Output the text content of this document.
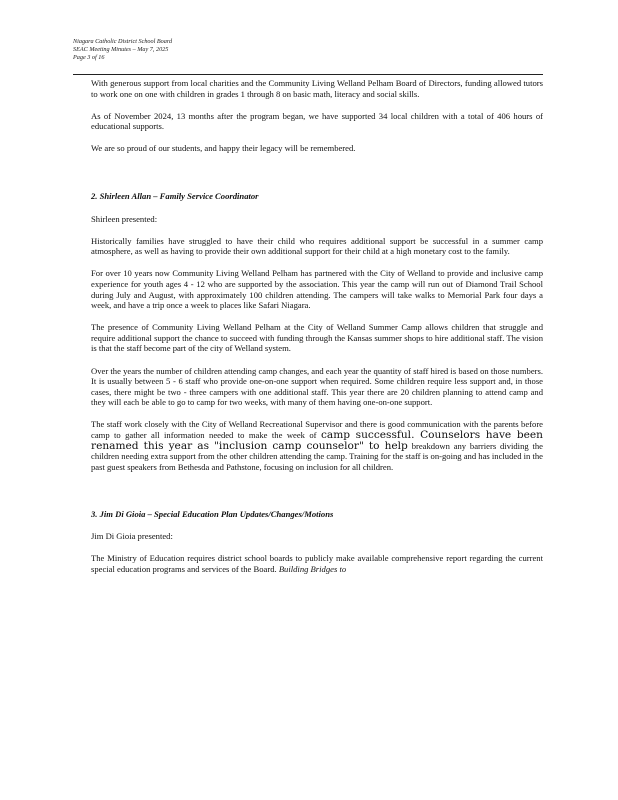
Niagara Catholic District School Board
SEAC Meeting Minutes – May 7, 2025
Page 3 of 16

With generous support from local charities and the Community Living Welland Pelham Board of Directors, funding allowed tutors to work one on one with children in grades 1 through 8 on basic math, literacy and social skills.

As of November 2024, 13 months after the program began, we have supported 34 local children with a total of 406 hours of educational supports.

We are so proud of our students, and happy their legacy will be remembered.

2. Shirleen Allan – Family Service Coordinator

Shirleen presented:

Historically families have struggled to have their child who requires additional support be successful in a summer camp atmosphere, as well as having to provide their own additional support for their child at a high monetary cost to the family.

For over 10 years now Community Living Welland Pelham has partnered with the City of Welland to provide and inclusive camp experience for youth ages 4 - 12 who are supported by the association. This year the camp will run out of Diamond Trail School during July and August, with approximately 100 children attending. The campers will take walks to Memorial Park four days a week, and have a trip once a week to places like Safari Niagara.

The presence of Community Living Welland Pelham at the City of Welland Summer Camp allows children that struggle and require additional support the chance to succeed with funding through the Kansas summer shops to hire additional staff. The vision is that the staff become part of the city of Welland system.

Over the years the number of children attending camp changes, and each year the quantity of staff hired is based on those numbers. It is usually between 5 - 6 staff who provide one-on-one support when required. Some children require less support and, in those cases, there might be two - three campers with one additional staff. This year there are 20 children planning to attend camp and they will each be able to go to camp for two weeks, with many of them having one-on-one support.

The staff work closely with the City of Welland Recreational Supervisor and there is good communication with the parents before camp to gather all information needed to make the week of camp successful. Counselors have been renamed this year as "inclusion camp counselor" to help breakdown any barriers dividing the children needing extra support from the other children attending the camp. Training for the staff is on-going and has included in the past guest speakers from Bethesda and Pathstone, focusing on inclusion for all children.

3. Jim Di Gioia – Special Education Plan Updates/Changes/Motions

Jim Di Gioia presented:

The Ministry of Education requires district school boards to publicly make available comprehensive report regarding the current special education programs and services of the Board. Building Bridges to
